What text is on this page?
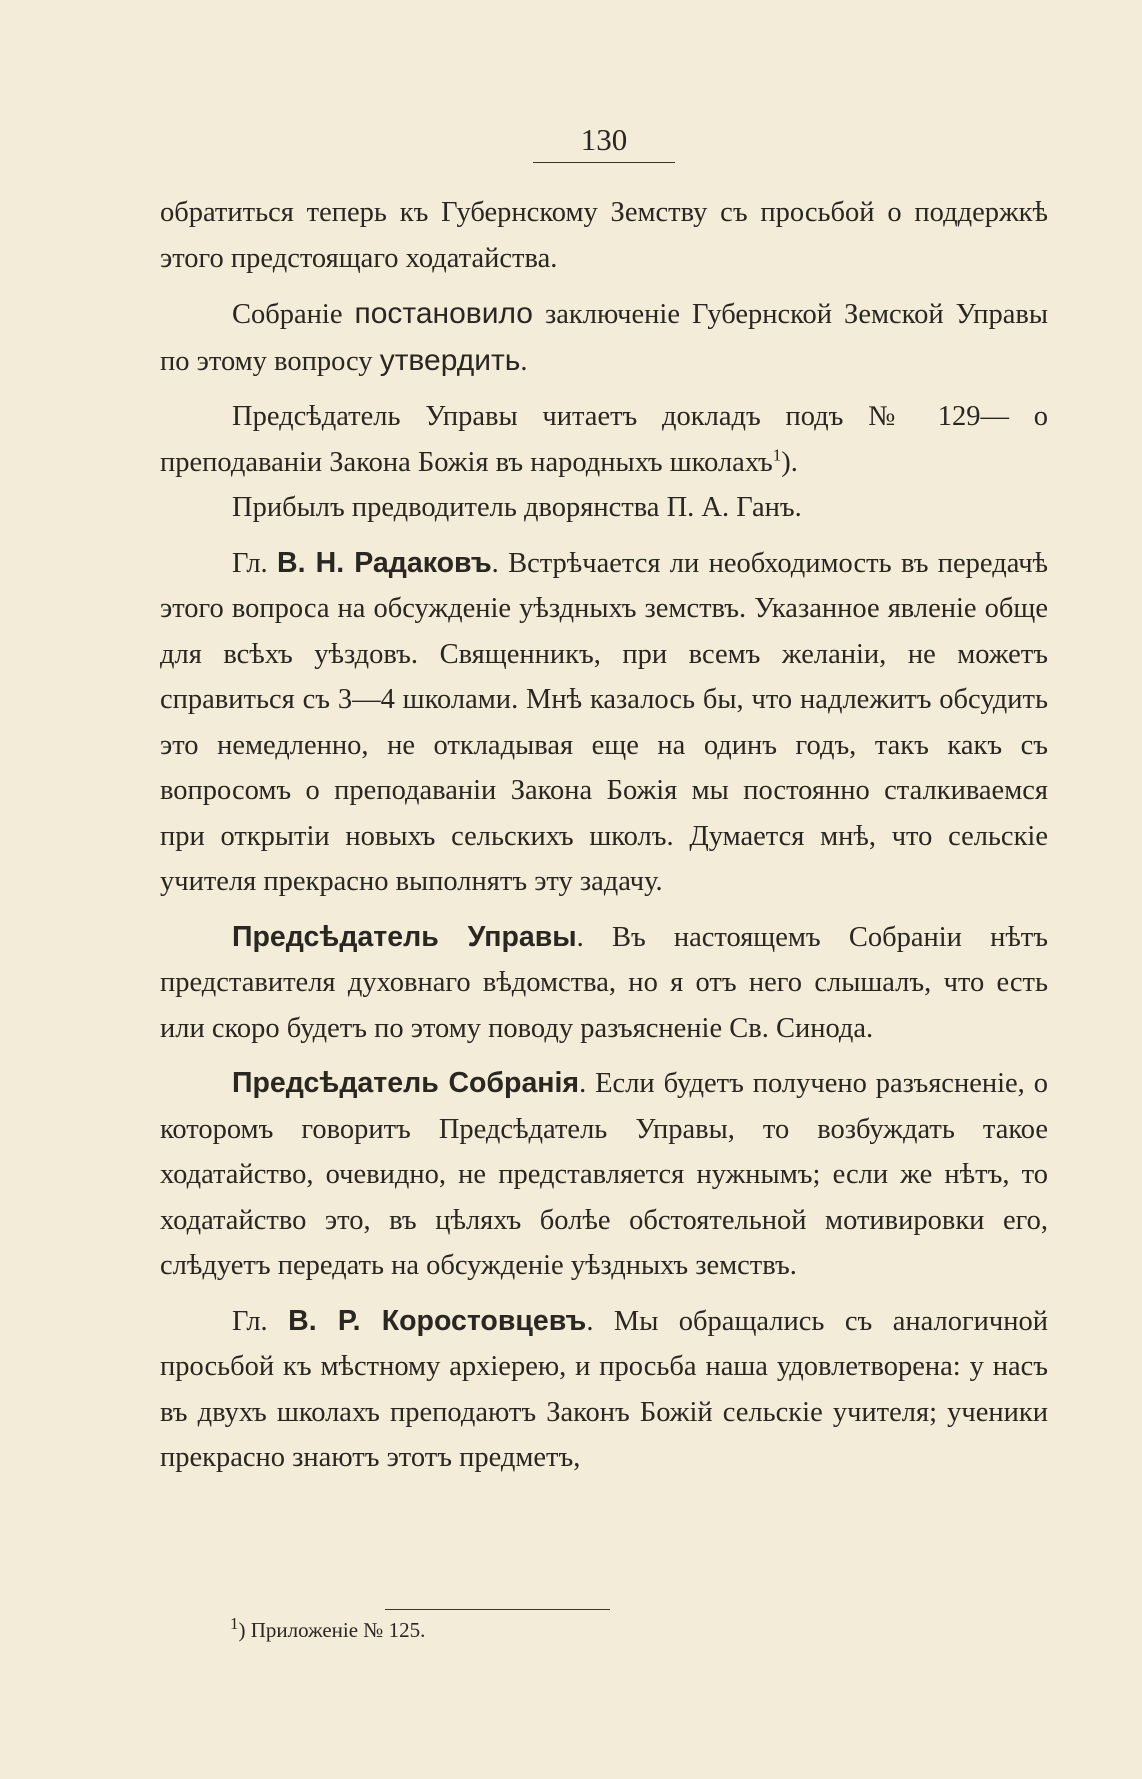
130

обратиться теперь къ Губернскому Земству съ просьбой о поддержкѣ этого предстоящаго ходатайства.

Собраніе постановило заключеніе Губернской Земской Управы по этому вопросу утвердить.

Предсѣдатель Управы читаетъ докладъ подъ № 129— о преподаваніи Закона Божія въ народныхъ школахъ$^1$).

Прибылъ предводитель дворянства П. А. Ганъ.

Гл. В. Н. Радаковъ. Встрѣчается ли необходимость въ передачѣ этого вопроса на обсужденіе уѣздныхъ земствъ. Указанное явленіе обще для всѣхъ уѣздовъ. Священникъ, при всемъ желаніи, не можетъ справиться съ 3—4 школами. Мнѣ казалось бы, что надлежитъ обсудить это немедленно, не откладывая еще на одинъ годъ, такъ какъ съ вопросомъ о преподаваніи Закона Божія мы постоянно сталкиваемся при открытіи новыхъ сельскихъ школъ. Думается мнѣ, что сельскіе учителя прекрасно выполнятъ эту задачу.

Предсѣдатель Управы. Въ настоящемъ Собраніи нѣтъ представителя духовнаго вѣдомства, но я отъ него слышалъ, что есть или скоро будетъ по этому поводу разъясненіе Св. Синода.

Предсѣдатель Собранія. Если будетъ получено разъясненіе, о которомъ говоритъ Предсѣдатель Управы, то возбуждать такое ходатайство, очевидно, не представляется нужнымъ; если же нѣтъ, то ходатайство это, въ цѣляхъ болѣе обстоятельной мотивировки его, слѣдуетъ передать на обсужденіе уѣздныхъ земствъ.

Гл. В. Р. Коростовцевъ. Мы обращались съ аналогичной просьбой къ мѣстному архіерею, и просьба наша удовлетворена: у насъ въ двухъ школахъ преподаютъ Законъ Божій сельскіе учителя; ученики прекрасно знаютъ этотъ предметъ,

$^1$) Приложеніе № 125.
